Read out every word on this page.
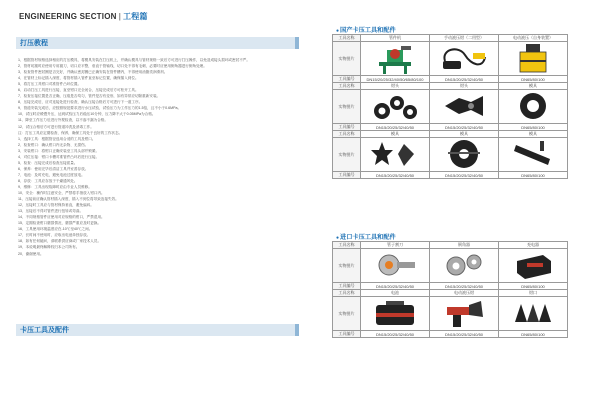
ENGINEERING SECTION | 工程篇
打压教程
1、根据管材规格选择相应的打压模具，将模具安装在打压机上，并确认模具与管材规格一致后方可进行打压操作，以免造成接头损坏或密封不严。
2、管材切割时应使用专用割刀，切口应平整，垂直于管轴线，切口处不得有毛刺，必要时应使用倒角器进行倒角处理。
3、检查管件密封圈是否完好，并确认密封圈已正确安装在管件槽内，不得使用油脂类润滑剂。
4、在管材上标记插入深度，将管材插入管件直至标记位置，确保插入到位。
5、将打压工具钳口对准管件凸环位置。
6、启动打压工具进行压接，直至钳口完全闭合，压接完成后方可松开工具。
7、检查压接位置是否正确，压痕是否均匀，管件是否有变形，如有异常应切除重新安装。
8、压接完成后，应对连接处进行检查，确认压接合格后方可进行下一道工序。
9、管道安装完成后，应按照规范要求进行水压试验，试验压力为工作压力的1.5倍，且不小于0.6MPa。
10、试压时应缓慢升压，达到试验压力后稳压10分钟，压力降不大于0.05MPa为合格。
11、降至工作压力后进行外观检查，以不渗不漏为合格。
12、试压合格后方可进行管道冲洗及消毒工作。
注：打压工具应定期检查、保养，确保工具处于良好的工作状态。
1、选择工具：根据管径选用合适的工具及钳口。
2、检查钳口：确认钳口内无杂物、无损伤。
3、安装钳口：将钳口正确安装至工具头部并锁紧。
4、对位压接：钳口卡槽对准管件凸环后进行压接。
5、检查：压接完成后检查压接质量。
6、保养：使用完毕后清洁工具并妥善存放。
7、电池：及时充电，避免电池过度放电。
8、存放：工具应存放于干燥通风处。
9、维修：工具出现故障时应由专业人员维修。
10、安全：操作时注意安全，严禁将手指放入钳口内。
11、压接前应确认管材插入深度，插入不到位将导致连接失效。
12、压接时工具应与管材保持垂直，避免偏斜。
13、压接后不得对管件进行扭转或弯曲。
14、不同规格管件应使用对应规格的钳口，严禁混用。
15、定期检查钳口磨损情况，磨损严重应及时更换。
16、工具使用环境温度应在-10℃至40℃之间。
17、长时间不使用时，应取出电池单独存放。
18、如有任何疑问，请联系供应商或厂家技术人员。
19、本说明最终解释权归本公司所有。
20、谢谢使用。
卡压工具及配件
● 国产卡压工具和配件
工具名称	管件机	手动液压钳（二用型）	电动液压（自身装置）
实物图片	

工具编号	DN15/20/25/32/40/50/65/80/100	DN15/20/25/32/40/50	DN65/80/100
工具名称	钳头	钳头	模具
实物图片	

工具编号	DN15/20/25/32/40/50	DN15/20/25/32/40/50	DN65/80/100
工具名称	模具	模具	模具
实物图片	

工具编号	DN15/20/25/32/40/50	DN15/20/25/32/40/50	DN65/80/100
● 进口卡压工具和配件
工具名称	管子割刀	倒角器	充电器
实物图片	

工具编号	DN15/20/25/32/40/50	DN15/20/25/32/40/50	DN65/80/100
工具名称	电池	电动液压钳	钳口
实物图片	

工具编号	DN15/20/25/32/40/50	DN15/20/25/32/40/50	DN65/80/100
